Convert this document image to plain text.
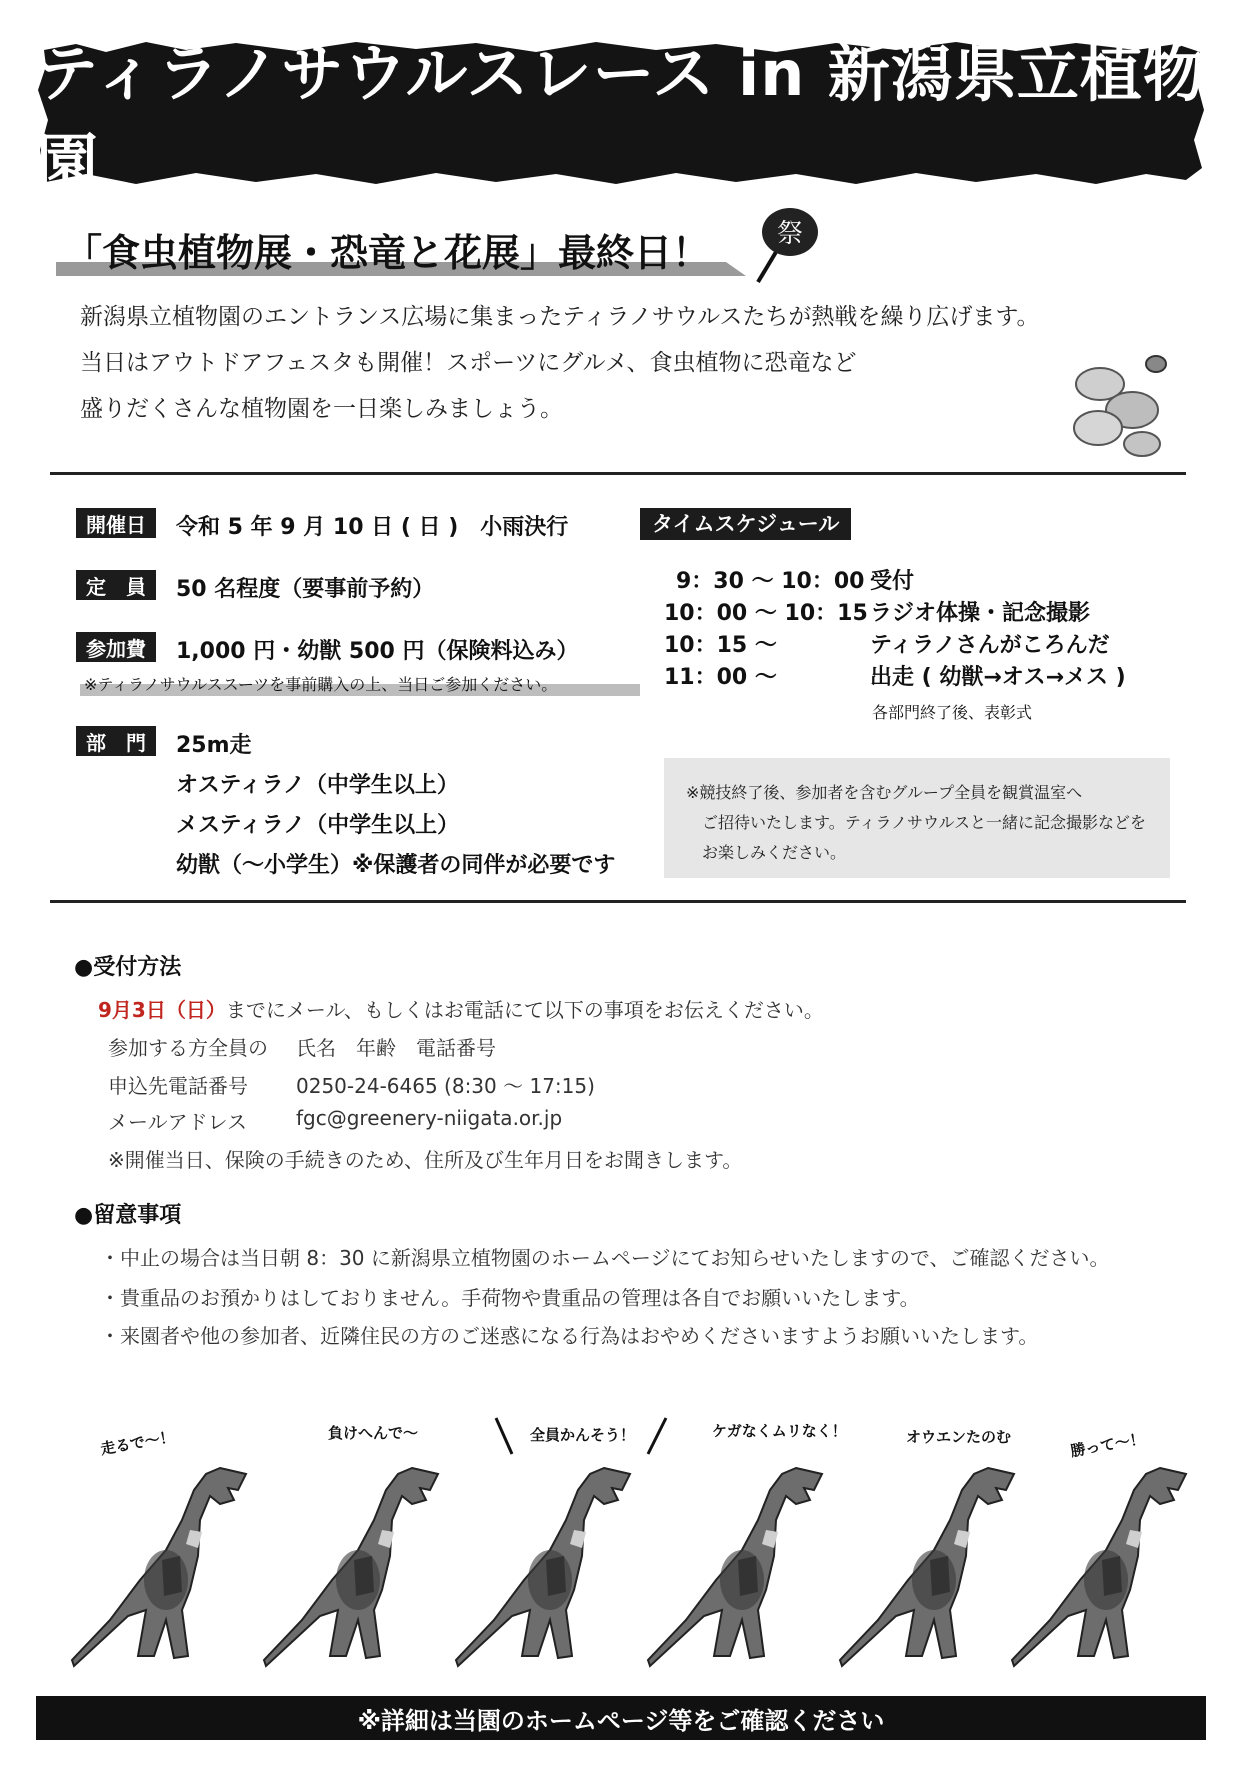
ティラノサウルスレース in 新潟県立植物園
「食虫植物展・恐竜と花展」最終日！	祭
新潟県立植物園のエントランス広場に集まったティラノサウルスたちが熱戦を繰り広げます。
当日はアウトドアフェスタも開催！スポーツにグルメ、食虫植物に恐竜など
盛りだくさんな植物園を一日楽しみましょう。
開催日	令和 5 年 9 月 10 日 ( 日 )　小雨決行
定　員	50 名程度（要事前予約）
参加費	1,000 円・幼獣 500 円（保険料込み）
※ティラノサウルススーツを事前購入の上、当日ご参加ください。
部　門	25m走
オスティラノ（中学生以上）
メスティラノ（中学生以上）
幼獣（～小学生）※保護者の同伴が必要です
タイムスケジュール
9：30 ～ 10：00 受付
10：00 ～ 10：15 ラジオ体操・記念撮影
10：15 ～	ティラノさんがころんだ
11：00 ～	出走 ( 幼獣→オス→メス )
各部門終了後、表彰式
※競技終了後、参加者を含むグループ全員を観賞温室へ
ご招待いたします。ティラノサウルスと一緒に記念撮影などを
お楽しみください。
●受付方法
9月3日（日）までにメール、もしくはお電話にて以下の事項をお伝えください。
参加する方全員の 氏名　年齢　電話番号
申込先電話番号 0250-24-6465 (8:30 ～ 17:15)
メールアドレス fgc@greenery-niigata.or.jp
※開催当日、保険の手続きのため、住所及び生年月日をお聞きします。
●留意事項
・中止の場合は当日朝 8：30 に新潟県立植物園のホームページにてお知らせいたしますので、ご確認ください。
・貴重品のお預かりはしておりません。手荷物や貴重品の管理は各自でお願いいたします。
・来園者や他の参加者、近隣住民の方のご迷惑になる行為はおやめくださいますようお願いいたします。
走るで～！	負けへんで～	全員かんそう！	ケガなくムリなく！	オウエンたのむ	勝って～！
※詳細は当園のホームページ等をご確認ください
